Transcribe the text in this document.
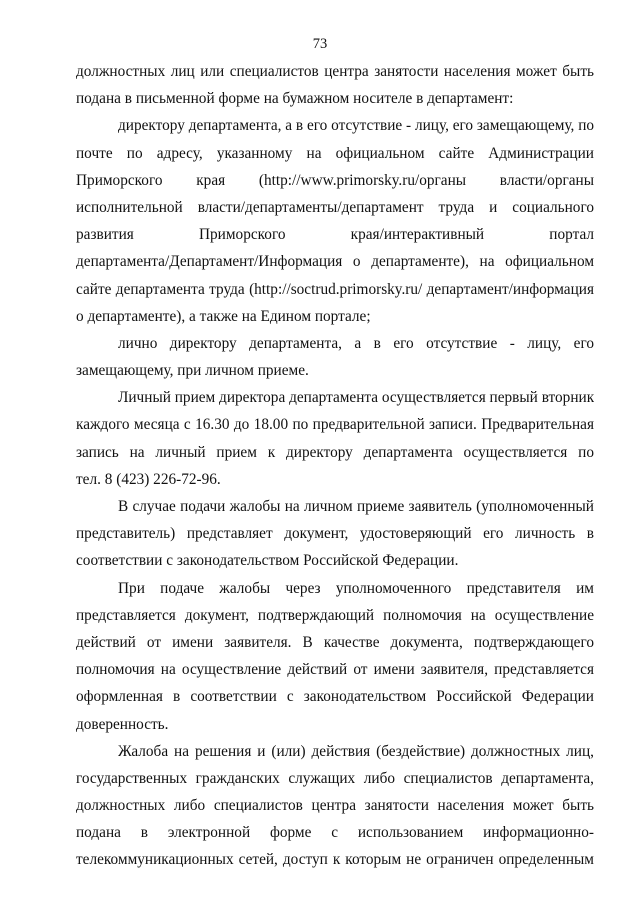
73
должностных лиц или специалистов центра занятости населения может быть
подана в письменной форме на бумажном носителе в департамент:
директору департамента, а в его отсутствие - лицу, его замещающему, по
почте по адресу, указанному на официальном сайте Администрации
Приморского края (http://www.primorsky.ru/органы власти/органы
исполнительной власти/департаменты/департамент труда и социального
развития Приморского края/интерактивный портал
департамента/Департамент/Информация о департаменте), на официальном
сайте департамента труда (http://soctrud.primorsky.ru/ департамент/информация
о департаменте), а также на Едином портале;
лично директору департамента, а в его отсутствие - лицу, его
замещающему, при личном приеме.
Личный прием директора департамента осуществляется первый вторник
каждого месяца с 16.30 до 18.00 по предварительной записи. Предварительная
запись на личный прием к директору департамента осуществляется по
тел. 8 (423) 226-72-96.
В случае подачи жалобы на личном приеме заявитель (уполномоченный
представитель) представляет документ, удостоверяющий его личность в
соответствии с законодательством Российской Федерации.
При подаче жалобы через уполномоченного представителя им
представляется документ, подтверждающий полномочия на осуществление
действий от имени заявителя. В качестве документа, подтверждающего
полномочия на осуществление действий от имени заявителя, представляется
оформленная в соответствии с законодательством Российской Федерации
доверенность.
Жалоба на решения и (или) действия (бездействие) должностных лиц,
государственных гражданских служащих либо специалистов департамента,
должностных либо специалистов центра занятости населения может быть
подана в электронной форме с использованием информационно-
телекоммуникационных сетей, доступ к которым не ограничен определенным
